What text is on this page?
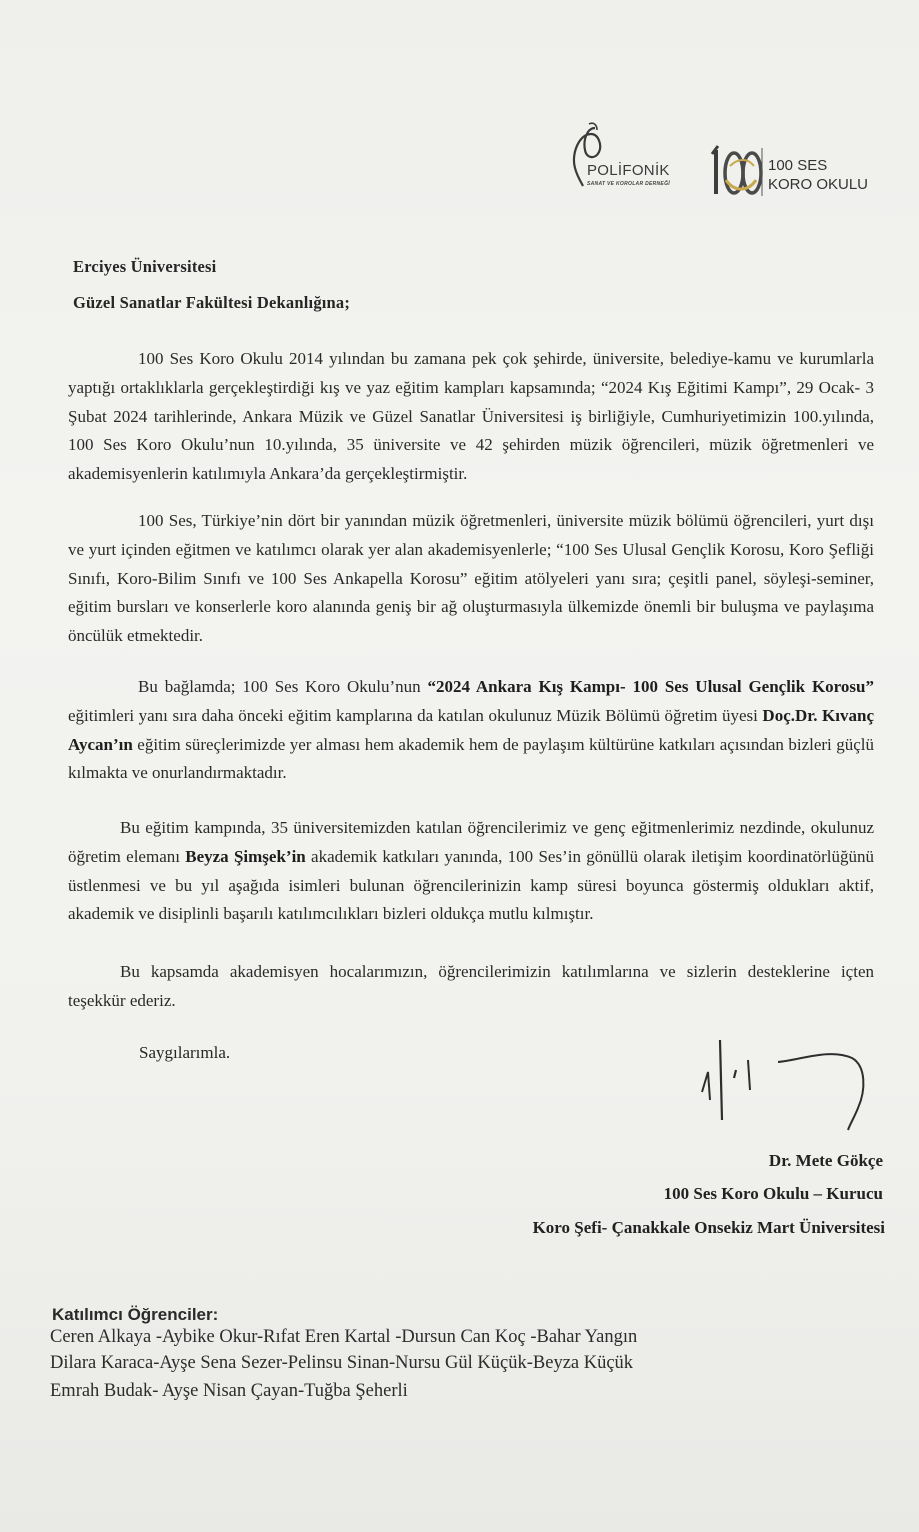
POLİFONİK
SANAT VE KOROLAR DERNEĞİ
100 SES
KORO OKULU
Erciyes Üniversitesi
Güzel Sanatlar Fakültesi Dekanlığına;
100 Ses Koro Okulu 2014 yılından bu zamana pek çok şehirde, üniversite, belediye-kamu ve kurumlarla yaptığı ortaklıklarla gerçekleştirdiği kış ve yaz eğitim kampları kapsamında; “2024 Kış Eğitimi Kampı”, 29 Ocak- 3 Şubat 2024 tarihlerinde, Ankara Müzik ve Güzel Sanatlar Üniversitesi iş birliğiyle, Cumhuriyetimizin 100.yılında, 100 Ses Koro Okulu’nun 10.yılında, 35 üniversite ve 42 şehirden müzik öğrencileri, müzik öğretmenleri ve akademisyenlerin katılımıyla Ankara’da gerçekleştirmiştir.
100 Ses, Türkiye’nin dört bir yanından müzik öğretmenleri, üniversite müzik bölümü öğrencileri, yurt dışı ve yurt içinden eğitmen ve katılımcı olarak yer alan akademisyenlerle; “100 Ses Ulusal Gençlik Korosu, Koro Şefliği Sınıfı, Koro-Bilim Sınıfı ve 100 Ses Ankapella Korosu” eğitim atölyeleri yanı sıra; çeşitli panel, söyleşi-seminer, eğitim bursları ve konserlerle koro alanında geniş bir ağ oluşturmasıyla ülkemizde önemli bir buluşma ve paylaşıma öncülük etmektedir.
Bu bağlamda; 100 Ses Koro Okulu’nun “2024 Ankara Kış Kampı- 100 Ses Ulusal Gençlik Korosu” eğitimleri yanı sıra daha önceki eğitim kamplarına da katılan okulunuz Müzik Bölümü öğretim üyesi Doç.Dr. Kıvanç Aycan’ın eğitim süreçlerimizde yer alması hem akademik hem de paylaşım kültürüne katkıları açısından bizleri güçlü kılmakta ve onurlandırmaktadır.
Bu eğitim kampında, 35 üniversitemizden katılan öğrencilerimiz ve genç eğitmenlerimiz nezdinde, okulunuz öğretim elemanı Beyza Şimşek’in akademik katkıları yanında, 100 Ses’in gönüllü olarak iletişim koordinatörlüğünü üstlenmesi ve bu yıl aşağıda isimleri bulunan öğrencilerinizin kamp süresi boyunca göstermiş oldukları aktif, akademik ve disiplinli başarılı katılımcılıkları bizleri oldukça mutlu kılmıştır.
Bu kapsamda akademisyen hocalarımızın, öğrencilerimizin katılımlarına ve sizlerin desteklerine içten teşekkür ederiz.
Saygılarımla.
Dr. Mete Gökçe
100 Ses Koro Okulu – Kurucu
Koro Şefi- Çanakkale Onsekiz Mart Üniversitesi
Katılımcı Öğrenciler:
Ceren Alkaya -Aybike Okur-Rıfat Eren Kartal -Dursun Can Koç -Bahar Yangın
Dilara Karaca-Ayşe Sena Sezer-Pelinsu Sinan-Nursu Gül Küçük-Beyza Küçük
Emrah Budak- Ayşe Nisan Çayan-Tuğba Şeherli
